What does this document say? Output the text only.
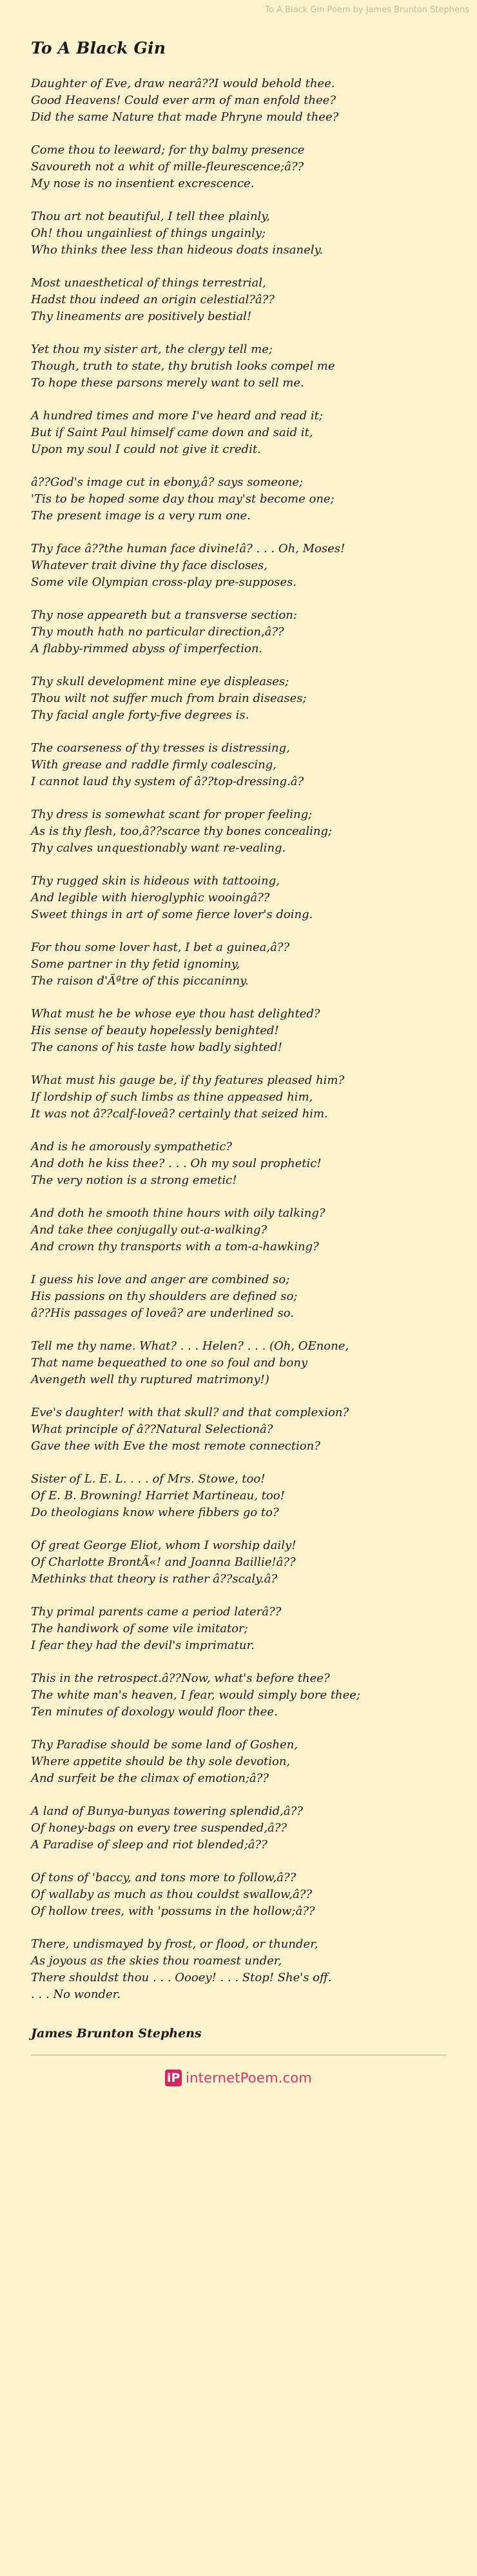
To A Black Gin Poem by James Brunton Stephens
To A Black Gin

Daughter of Eve, draw nearâ??I would behold thee.
Good Heavens! Could ever arm of man enfold thee?
Did the same Nature that made Phryne mould thee?

Come thou to leeward; for thy balmy presence
Savoureth not a whit of mille-fleurescence;â??
My nose is no insentient excrescence.

Thou art not beautiful, I tell thee plainly,
Oh! thou ungainliest of things ungainly;
Who thinks thee less than hideous doats insanely.

Most unaesthetical of things terrestrial,
Hadst thou indeed an origin celestial?â??
Thy lineaments are positively bestial!

Yet thou my sister art, the clergy tell me;
Though, truth to state, thy brutish looks compel me
To hope these parsons merely want to sell me.

A hundred times and more I've heard and read it;
But if Saint Paul himself came down and said it,
Upon my soul I could not give it credit.

â??God's image cut in ebony,â? says someone;
'Tis to be hoped some day thou may'st become one;
The present image is a very rum one.

Thy face â??the human face divine!â? . . . Oh, Moses!
Whatever trait divine thy face discloses,
Some vile Olympian cross-play pre-supposes.

Thy nose appeareth but a transverse section:
Thy mouth hath no particular direction,â??
A flabby-rimmed abyss of imperfection.

Thy skull development mine eye displeases;
Thou wilt not suffer much from brain diseases;
Thy facial angle forty-five degrees is.

The coarseness of thy tresses is distressing,
With grease and raddle firmly coalescing,
I cannot laud thy system of â??top-dressing.â?

Thy dress is somewhat scant for proper feeling;
As is thy flesh, too,â??scarce thy bones concealing;
Thy calves unquestionably want re-vealing.

Thy rugged skin is hideous with tattooing,
And legible with hieroglyphic wooingâ??
Sweet things in art of some fierce lover's doing.

For thou some lover hast, I bet a guinea,â??
Some partner in thy fetid ignominy,
The raison d'Ãªtre of this piccaninny.

What must he be whose eye thou hast delighted?
His sense of beauty hopelessly benighted!
The canons of his taste how badly sighted!

What must his gauge be, if thy features pleased him?
If lordship of such limbs as thine appeased him,
It was not â??calf-loveâ? certainly that seized him.

And is he amorously sympathetic?
And doth he kiss thee? . . . Oh my soul prophetic!
The very notion is a strong emetic!

And doth he smooth thine hours with oily talking?
And take thee conjugally out-a-walking?
And crown thy transports with a tom-a-hawking?

I guess his love and anger are combined so;
His passions on thy shoulders are defined so;
â??His passages of loveâ? are underlined so.

Tell me thy name. What? . . . Helen? . . . (Oh, OEnone,
That name bequeathed to one so foul and bony
Avengeth well thy ruptured matrimony!)

Eve's daughter! with that skull? and that complexion?
What principle of â??Natural Selectionâ?
Gave thee with Eve the most remote connection?

Sister of L. E. L. . . . of Mrs. Stowe, too!
Of E. B. Browning! Harriet Martineau, too!
Do theologians know where fibbers go to?

Of great George Eliot, whom I worship daily!
Of Charlotte BrontÃ«! and Joanna Baillie!â??
Methinks that theory is rather â??scaly.â?

Thy primal parents came a period laterâ??
The handiwork of some vile imitator;
I fear they had the devil's imprimatur.

This in the retrospect.â??Now, what's before thee?
The white man's heaven, I fear, would simply bore thee;
Ten minutes of doxology would floor thee.

Thy Paradise should be some land of Goshen,
Where appetite should be thy sole devotion,
And surfeit be the climax of emotion;â??

A land of Bunya-bunyas towering splendid,â??
Of honey-bags on every tree suspended,â??
A Paradise of sleep and riot blended;â??

Of tons of 'baccy, and tons more to follow,â??
Of wallaby as much as thou couldst swallow,â??
Of hollow trees, with 'possums in the hollow;â??

There, undismayed by frost, or flood, or thunder,
As joyous as the skies thou roamest under,
There shouldst thou . . . Oooey! . . . Stop! She's off.
. . . No wonder.

James Brunton Stephens
iP internetPoem.com
